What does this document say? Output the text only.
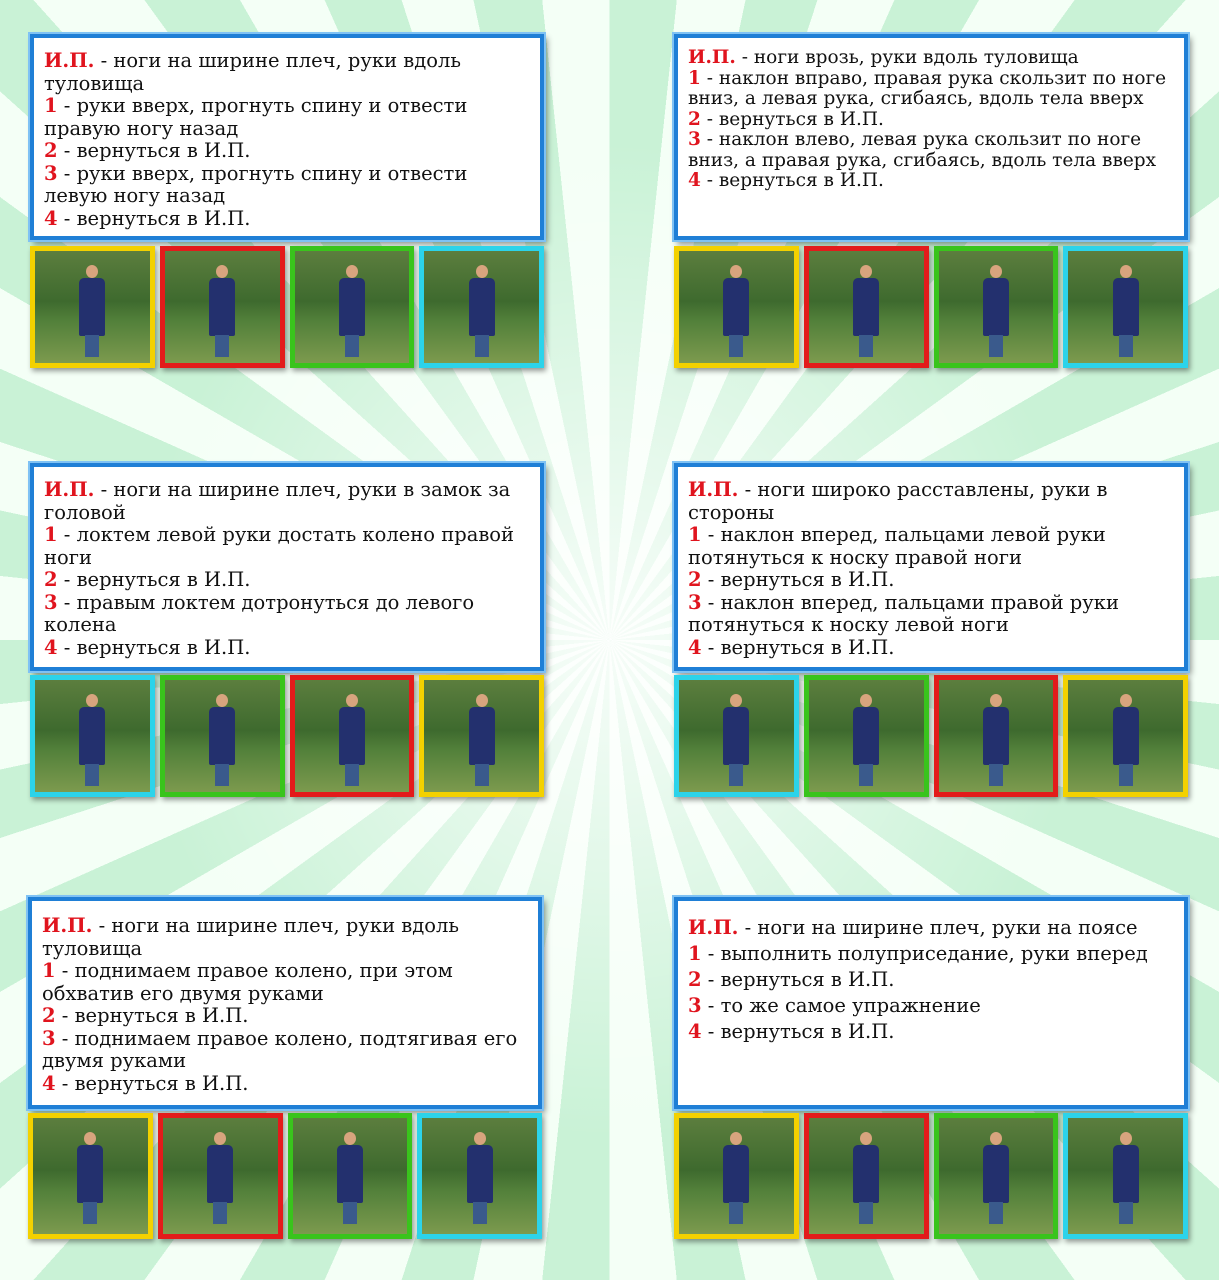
И.П. - ноги на ширине плеч, руки вдоль туловища

1 - руки вверх, прогнуть спину и отвести правую ногу назад

2 - вернуться в И.П.

3 - руки вверх, прогнуть спину и отвести левую ногу назад

4 - вернуться в И.П.

И.П. - ноги врозь, руки вдоль туловища

1 - наклон вправо, правая рука скользит по ноге вниз, а левая рука, сгибаясь, вдоль тела вверх

2 - вернуться в И.П.

3 - наклон влево, левая рука скользит по ноге вниз, а правая рука, сгибаясь, вдоль тела вверх

4 - вернуться в И.П.

И.П. - ноги на ширине плеч, руки в замок за головой

1 - локтем левой руки достать колено правой ноги

2 - вернуться в И.П.

3 - правым локтем дотронуться до левого колена

4 - вернуться в И.П.

И.П. - ноги широко расставлены, руки в стороны

1 - наклон вперед, пальцами левой руки потянуться к носку правой ноги

2 - вернуться в И.П.

3 - наклон вперед, пальцами правой руки потянуться к носку левой ноги

4 - вернуться в И.П.

И.П. - ноги на ширине плеч, руки вдоль туловища

1 - поднимаем правое колено, при этом обхватив его двумя руками

2 - вернуться в И.П.

3 - поднимаем правое колено, подтягивая его двумя руками

4 - вернуться в И.П.

И.П. - ноги на ширине плеч, руки на поясе

1 - выполнить полуприседание, руки вперед

2 - вернуться в И.П.

3 - то же самое упражнение

4 - вернуться в И.П.
